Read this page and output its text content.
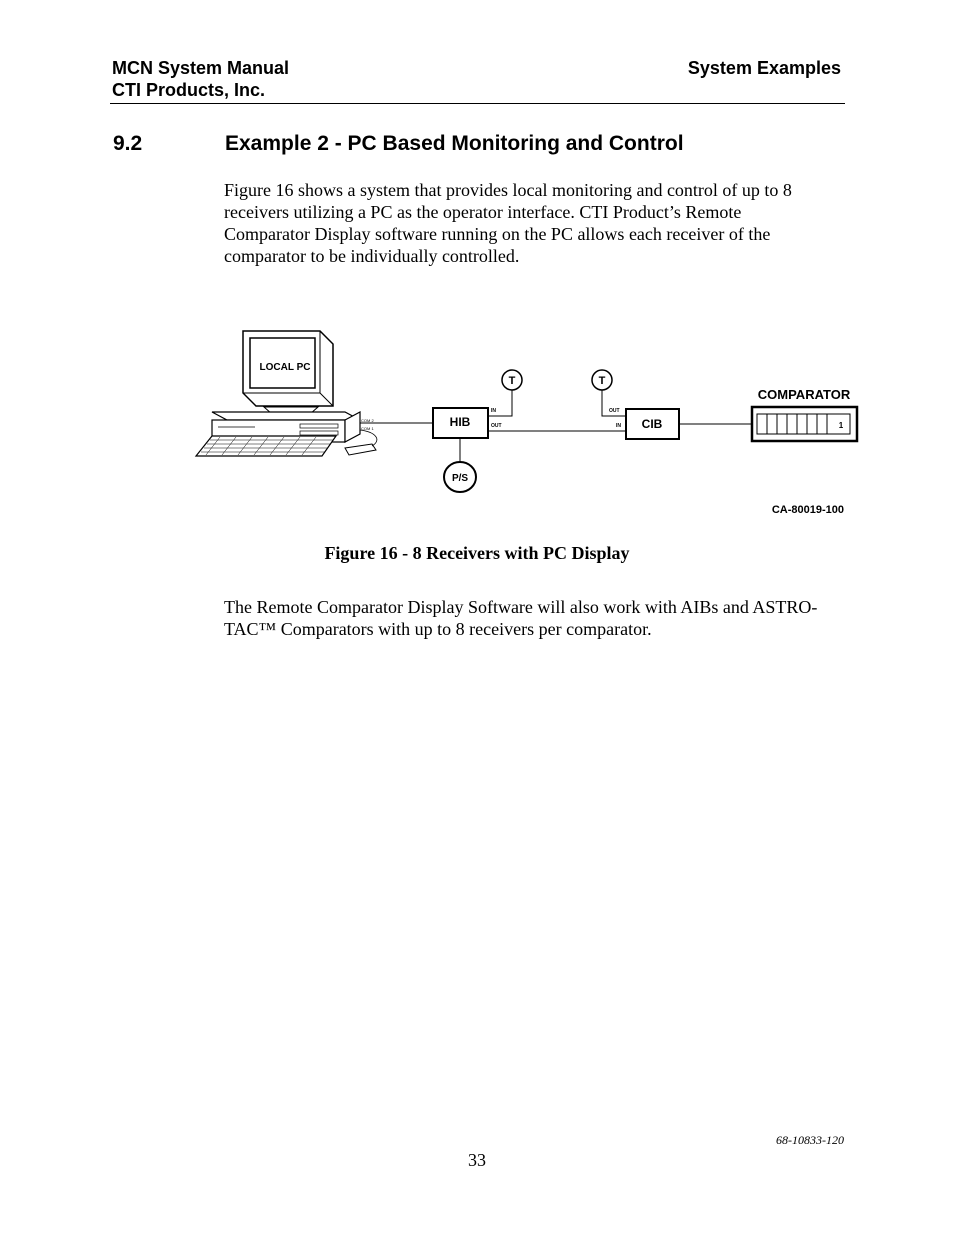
MCN System Manual
CTI Products, Inc.
System Examples
9.2	Example 2 - PC Based Monitoring and Control
Figure 16 shows a system that provides local monitoring and control of up to 8
receivers utilizing a PC as the operator interface. CTI Product’s Remote
Comparator Display software running on the PC allows each receiver of the
comparator to be individually controlled.
LOCAL PC
COM 2
COM 1	HIB
P/S
T
IN
OUT
T
OUT
IN CIB
COMPARATOR
1
CA-80019-100
Figure 16 - 8 Receivers with PC Display
The Remote Comparator Display Software will also work with AIBs and ASTRO-
TAC™ Comparators with up to 8 receivers per comparator.
68-10833-120
33
